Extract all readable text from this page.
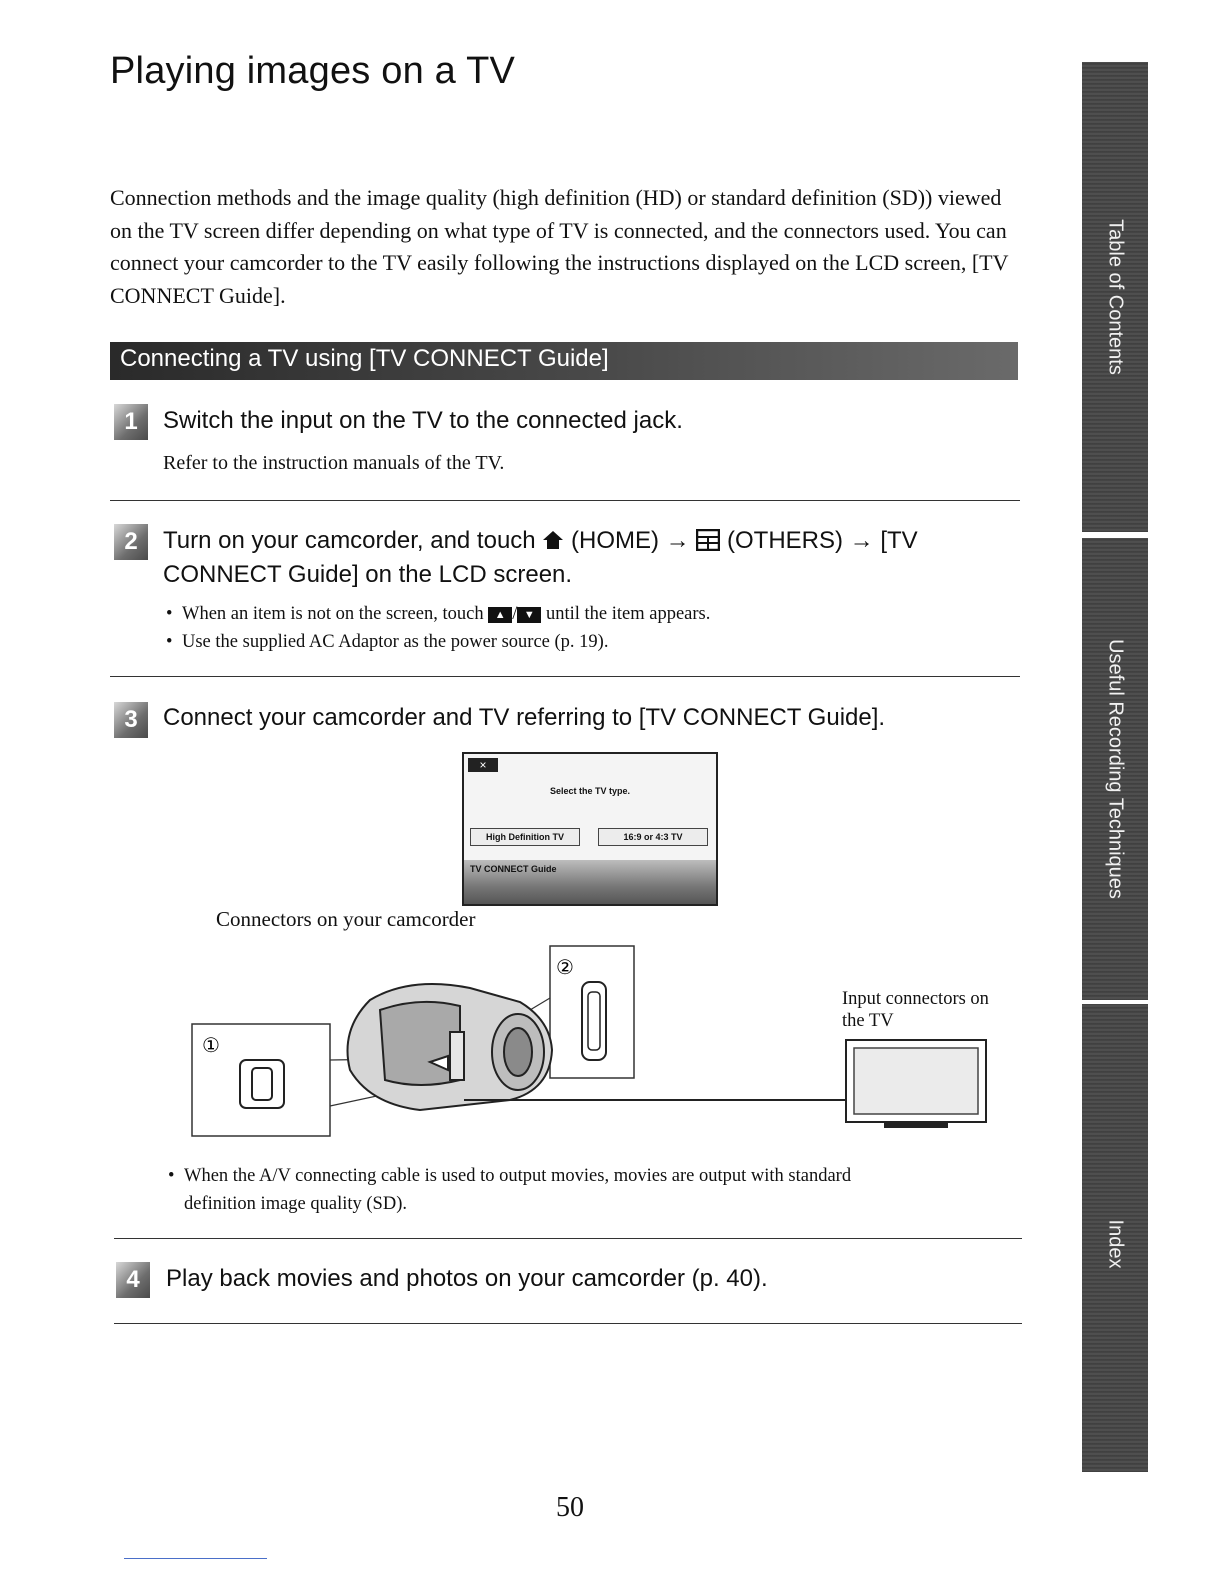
Playing images on a TV
Connection methods and the image quality (high definition (HD) or standard definition (SD)) viewed on the TV screen differ depending on what type of TV is connected, and the connectors used. You can connect your camcorder to the TV easily following the instructions displayed on the LCD screen, [TV CONNECT Guide].
Connecting a TV using [TV CONNECT Guide]
1	Switch the input on the TV to the connected jack.
Refer to the instruction manuals of the TV.
2	Turn on your camcorder, and touch (HOME) → (OTHERS) → [TV
CONNECT Guide] on the LCD screen.
• When an item is not on the screen, touch ▲ / ▼ until the item appears.
• Use the supplied AC Adaptor as the power source (p. 19).
3	Connect your camcorder and TV referring to [TV CONNECT Guide].
×
Select the TV type.
High Definition TV	16:9 or 4:3 TV
TV CONNECT Guide
Connectors on your camcorder
Input connectors on
the TV
①
②
• When the A/V connecting cable is used to output movies, movies are output with standard
definition image quality (SD).
4	Play back movies and photos on your camcorder (p. 40).
Table of Contents
Useful Recording Techniques
Index
50
